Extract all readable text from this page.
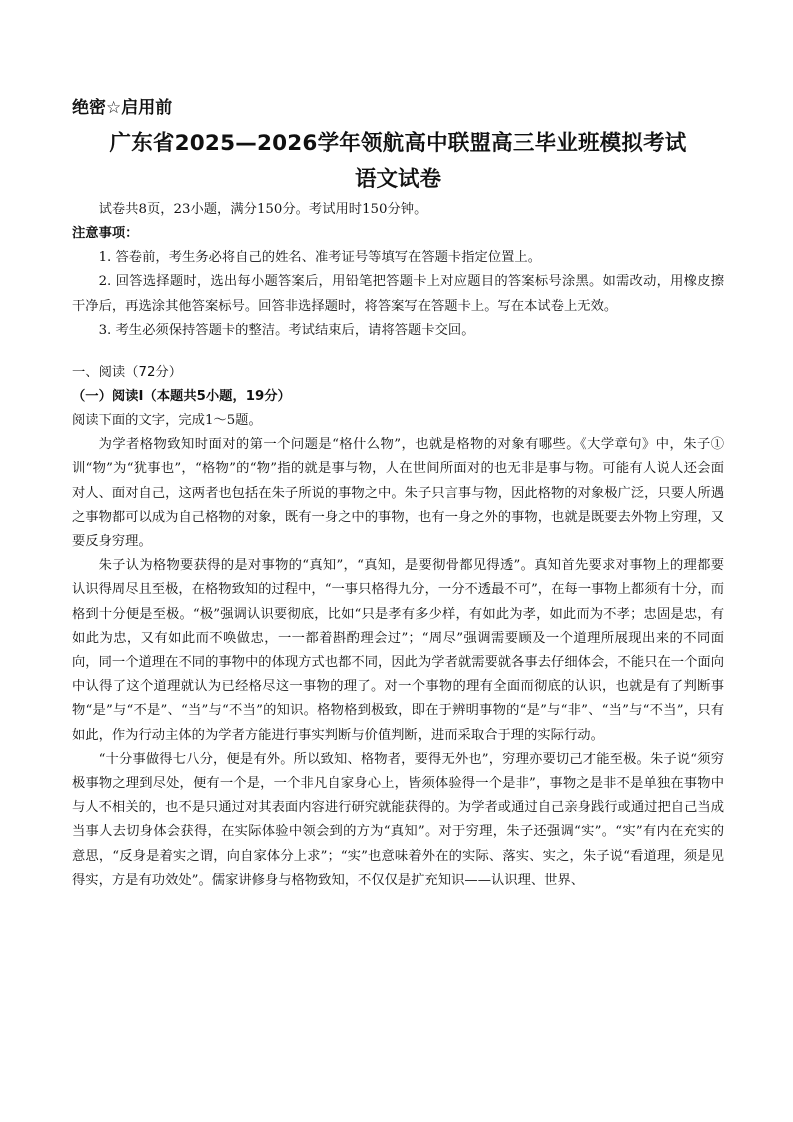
绝密☆启用前

广东省2025—2026学年领航高中联盟高三毕业班模拟考试
语文试卷

试卷共8页，23小题，满分150分。考试用时150分钟。

注意事项：

1. 答卷前，考生务必将自己的姓名、准考证号等填写在答题卡指定位置上。

2. 回答选择题时，选出每小题答案后，用铅笔把答题卡上对应题目的答案标号涂黑。如需改动，用橡皮擦干净后，再选涂其他答案标号。回答非选择题时，将答案写在答题卡上。写在本试卷上无效。

3. 考生必须保持答题卡的整洁。考试结束后，请将答题卡交回。

一、阅读（72分）

（一）阅读Ⅰ（本题共5小题，19分）

阅读下面的文字，完成1～5题。

为学者格物致知时面对的第一个问题是“格什么物”，也就是格物的对象有哪些。《大学章句》中，朱子①训“物”为“犹事也”，“格物”的“物”指的就是事与物，人在世间所面对的也无非是事与物。可能有人说人还会面对人、面对自己，这两者也包括在朱子所说的事物之中。朱子只言事与物，因此格物的对象极广泛，只要人所遇之事物都可以成为自己格物的对象，既有一身之中的事物，也有一身之外的事物，也就是既要去外物上穷理，又要反身穷理。

朱子认为格物要获得的是对事物的“真知”，“真知，是要彻骨都见得透”。真知首先要求对事物上的理都要认识得周尽且至极，在格物致知的过程中，“一事只格得九分，一分不透最不可”，在每一事物上都须有十分，而格到十分便是至极。“极”强调认识要彻底，比如“只是孝有多少样，有如此为孝，如此而为不孝；忠固是忠，有如此为忠，又有如此而不唤做忠，一一都着斟酌理会过”；“周尽”强调需要顾及一个道理所展现出来的不同面向，同一个道理在不同的事物中的体现方式也都不同，因此为学者就需要就各事去仔细体会，不能只在一个面向中认得了这个道理就认为已经格尽这一事物的理了。对一个事物的理有全面而彻底的认识，也就是有了判断事物“是”与“不是”、“当”与“不当”的知识。格物格到极致，即在于辨明事物的“是”与“非”、“当”与“不当”，只有如此，作为行动主体的为学者方能进行事实判断与价值判断，进而采取合于理的实际行动。

“十分事做得七八分，便是有外。所以致知、格物者，要得无外也”，穷理亦要切己才能至极。朱子说“须穷极事物之理到尽处，便有一个是，一个非凡自家身心上，皆须体验得一个是非”，事物之是非不是单独在事物中与人不相关的，也不是只通过对其表面内容进行研究就能获得的。为学者或通过自己亲身践行或通过把自己当成当事人去切身体会获得，在实际体验中领会到的方为“真知”。对于穷理，朱子还强调“实”。“实”有内在充实的意思，“反身是着实之谓，向自家体分上求”；“实”也意味着外在的实际、落实、实之，朱子说“看道理，须是见得实，方是有功效处”。儒家讲修身与格物致知，不仅仅是扩充知识——认识理、世界、
